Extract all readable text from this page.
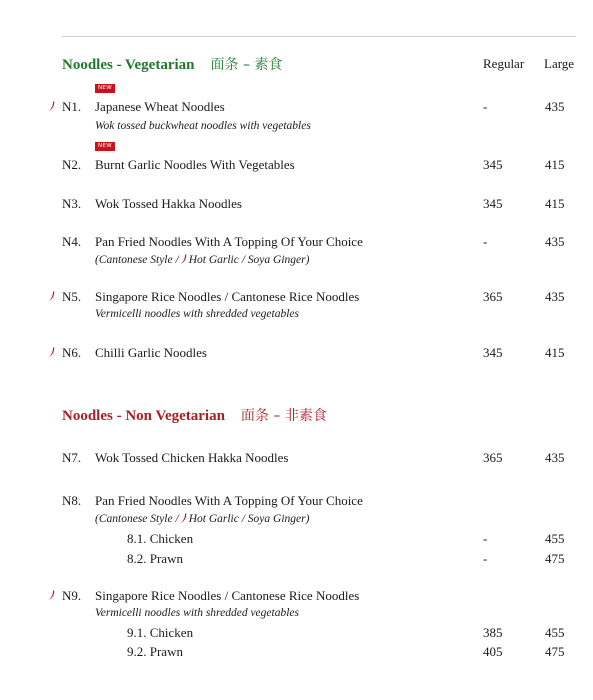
Noodles - Vegetarian 面条 – 素食	Regular Large
NEW
N1. Japanese Wheat Noodles	-	435
Wok tossed buckwheat noodles with vegetables
NEW
N2. Burnt Garlic Noodles With Vegetables	345	415
N3. Wok Tossed Hakka Noodles	345	415
N4. Pan Fried Noodles With A Topping Of Your Choice	-	435
(Cantonese Style / Hot Garlic / Soya Ginger)
N5. Singapore Rice Noodles / Cantonese Rice Noodles	365	435
Vermicelli noodles with shredded vegetables
N6. Chilli Garlic Noodles	345	415
Noodles - Non Vegetarian 面条 – 非素食
N7. Wok Tossed Chicken Hakka Noodles	365	435
N8. Pan Fried Noodles With A Topping Of Your Choice
(Cantonese Style / Hot Garlic / Soya Ginger)
8.1. Chicken	-	455
8.2. Prawn	-	475
N9. Singapore Rice Noodles / Cantonese Rice Noodles
Vermicelli noodles with shredded vegetables
9.1. Chicken	385	455
9.2. Prawn	405	475
